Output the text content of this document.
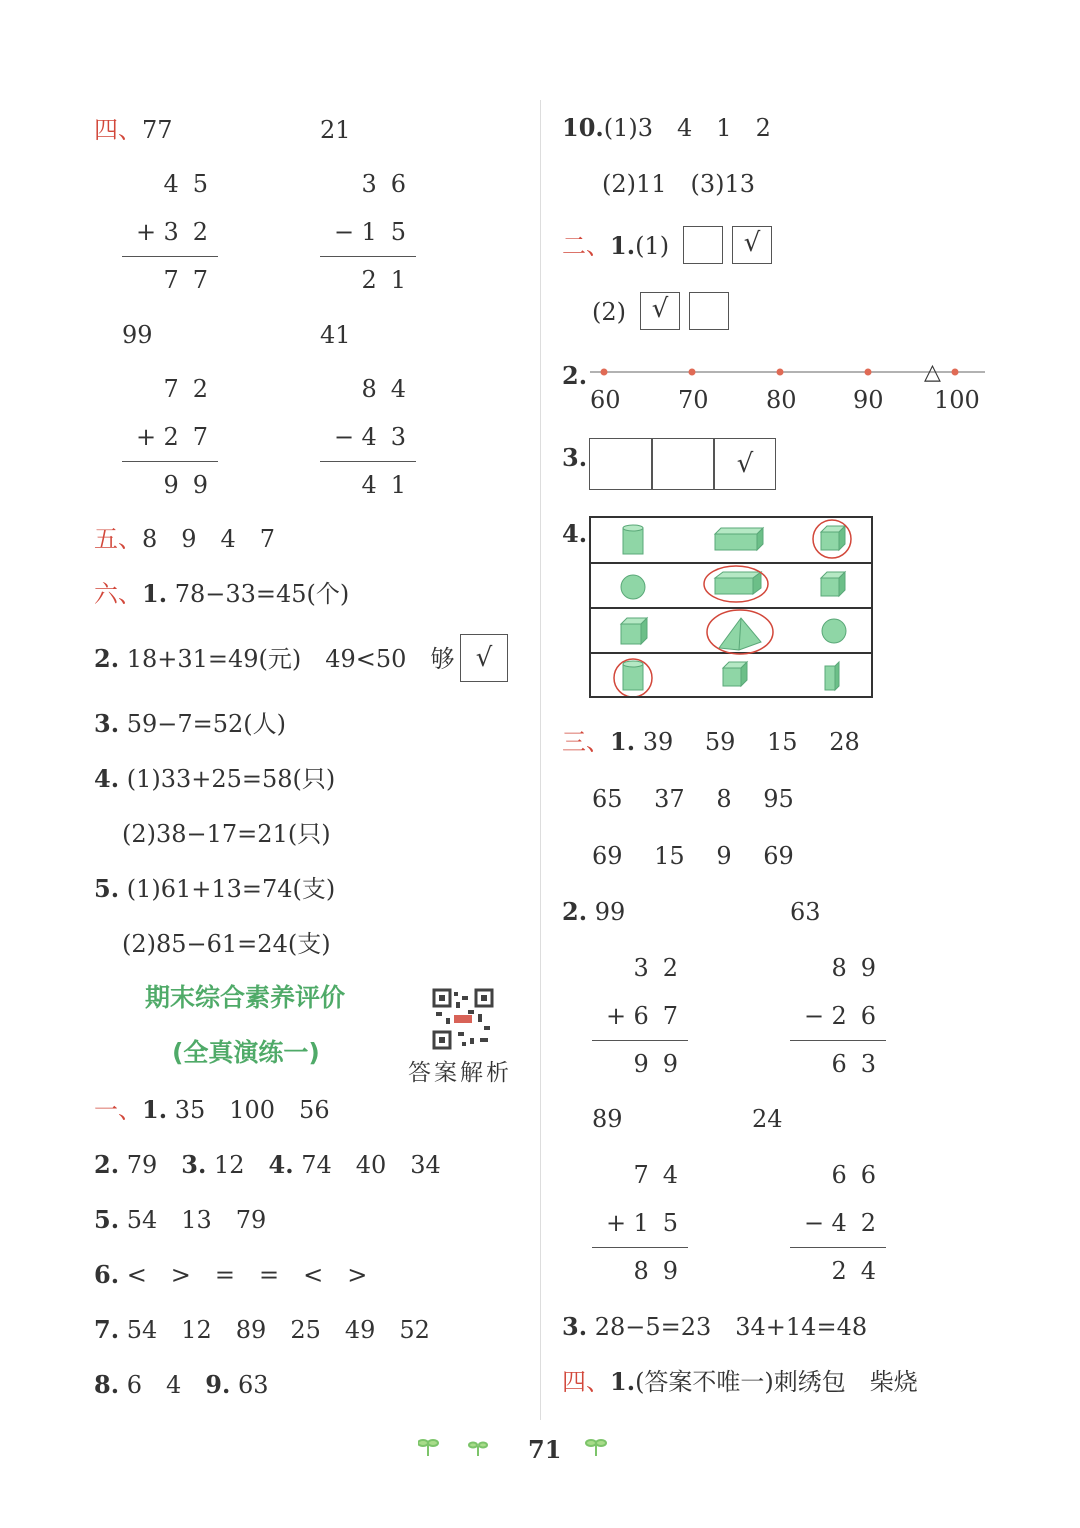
四、77	21
45
+ 32
77
36
− 15
21
99	41
72
+ 27
99
84
− 43
41
五、8　9　4　7
六、1. 78−33=45(个)
2. 18+31=49(元)　49<50　够 √
3. 59−7=52(人)
4. (1)33+25=58(只)
(2)38−17=21(只)
5. (1)61+13=74(支)
(2)85−61=24(支)
期末综合素养评价
(全真演练一)
答案解析
一、1. 35　100　56
2. 79　 3. 12　 4. 74　40　34
5. 54　13　79
6. <　>　=　=　<　>
7. 54　12　89　25　49　52
8. 6　4　 9. 63
10.(1)3　4　1　2
(2)11　(3)13
二、1.(1)	√
(2) √
2.	△
60 70 80 90 100
3.	√
4.
三、1. 39　 59　 15　 28
65　 37　 8　 95
69　 15　 9　 69
2. 99	63
32
+ 67
99
89
− 26
63
89	24
74
+ 15
89
66
− 42
24
3. 28−5=23　34+14=48
四、1.(答案不唯一)刺绣包　柴烧
71
